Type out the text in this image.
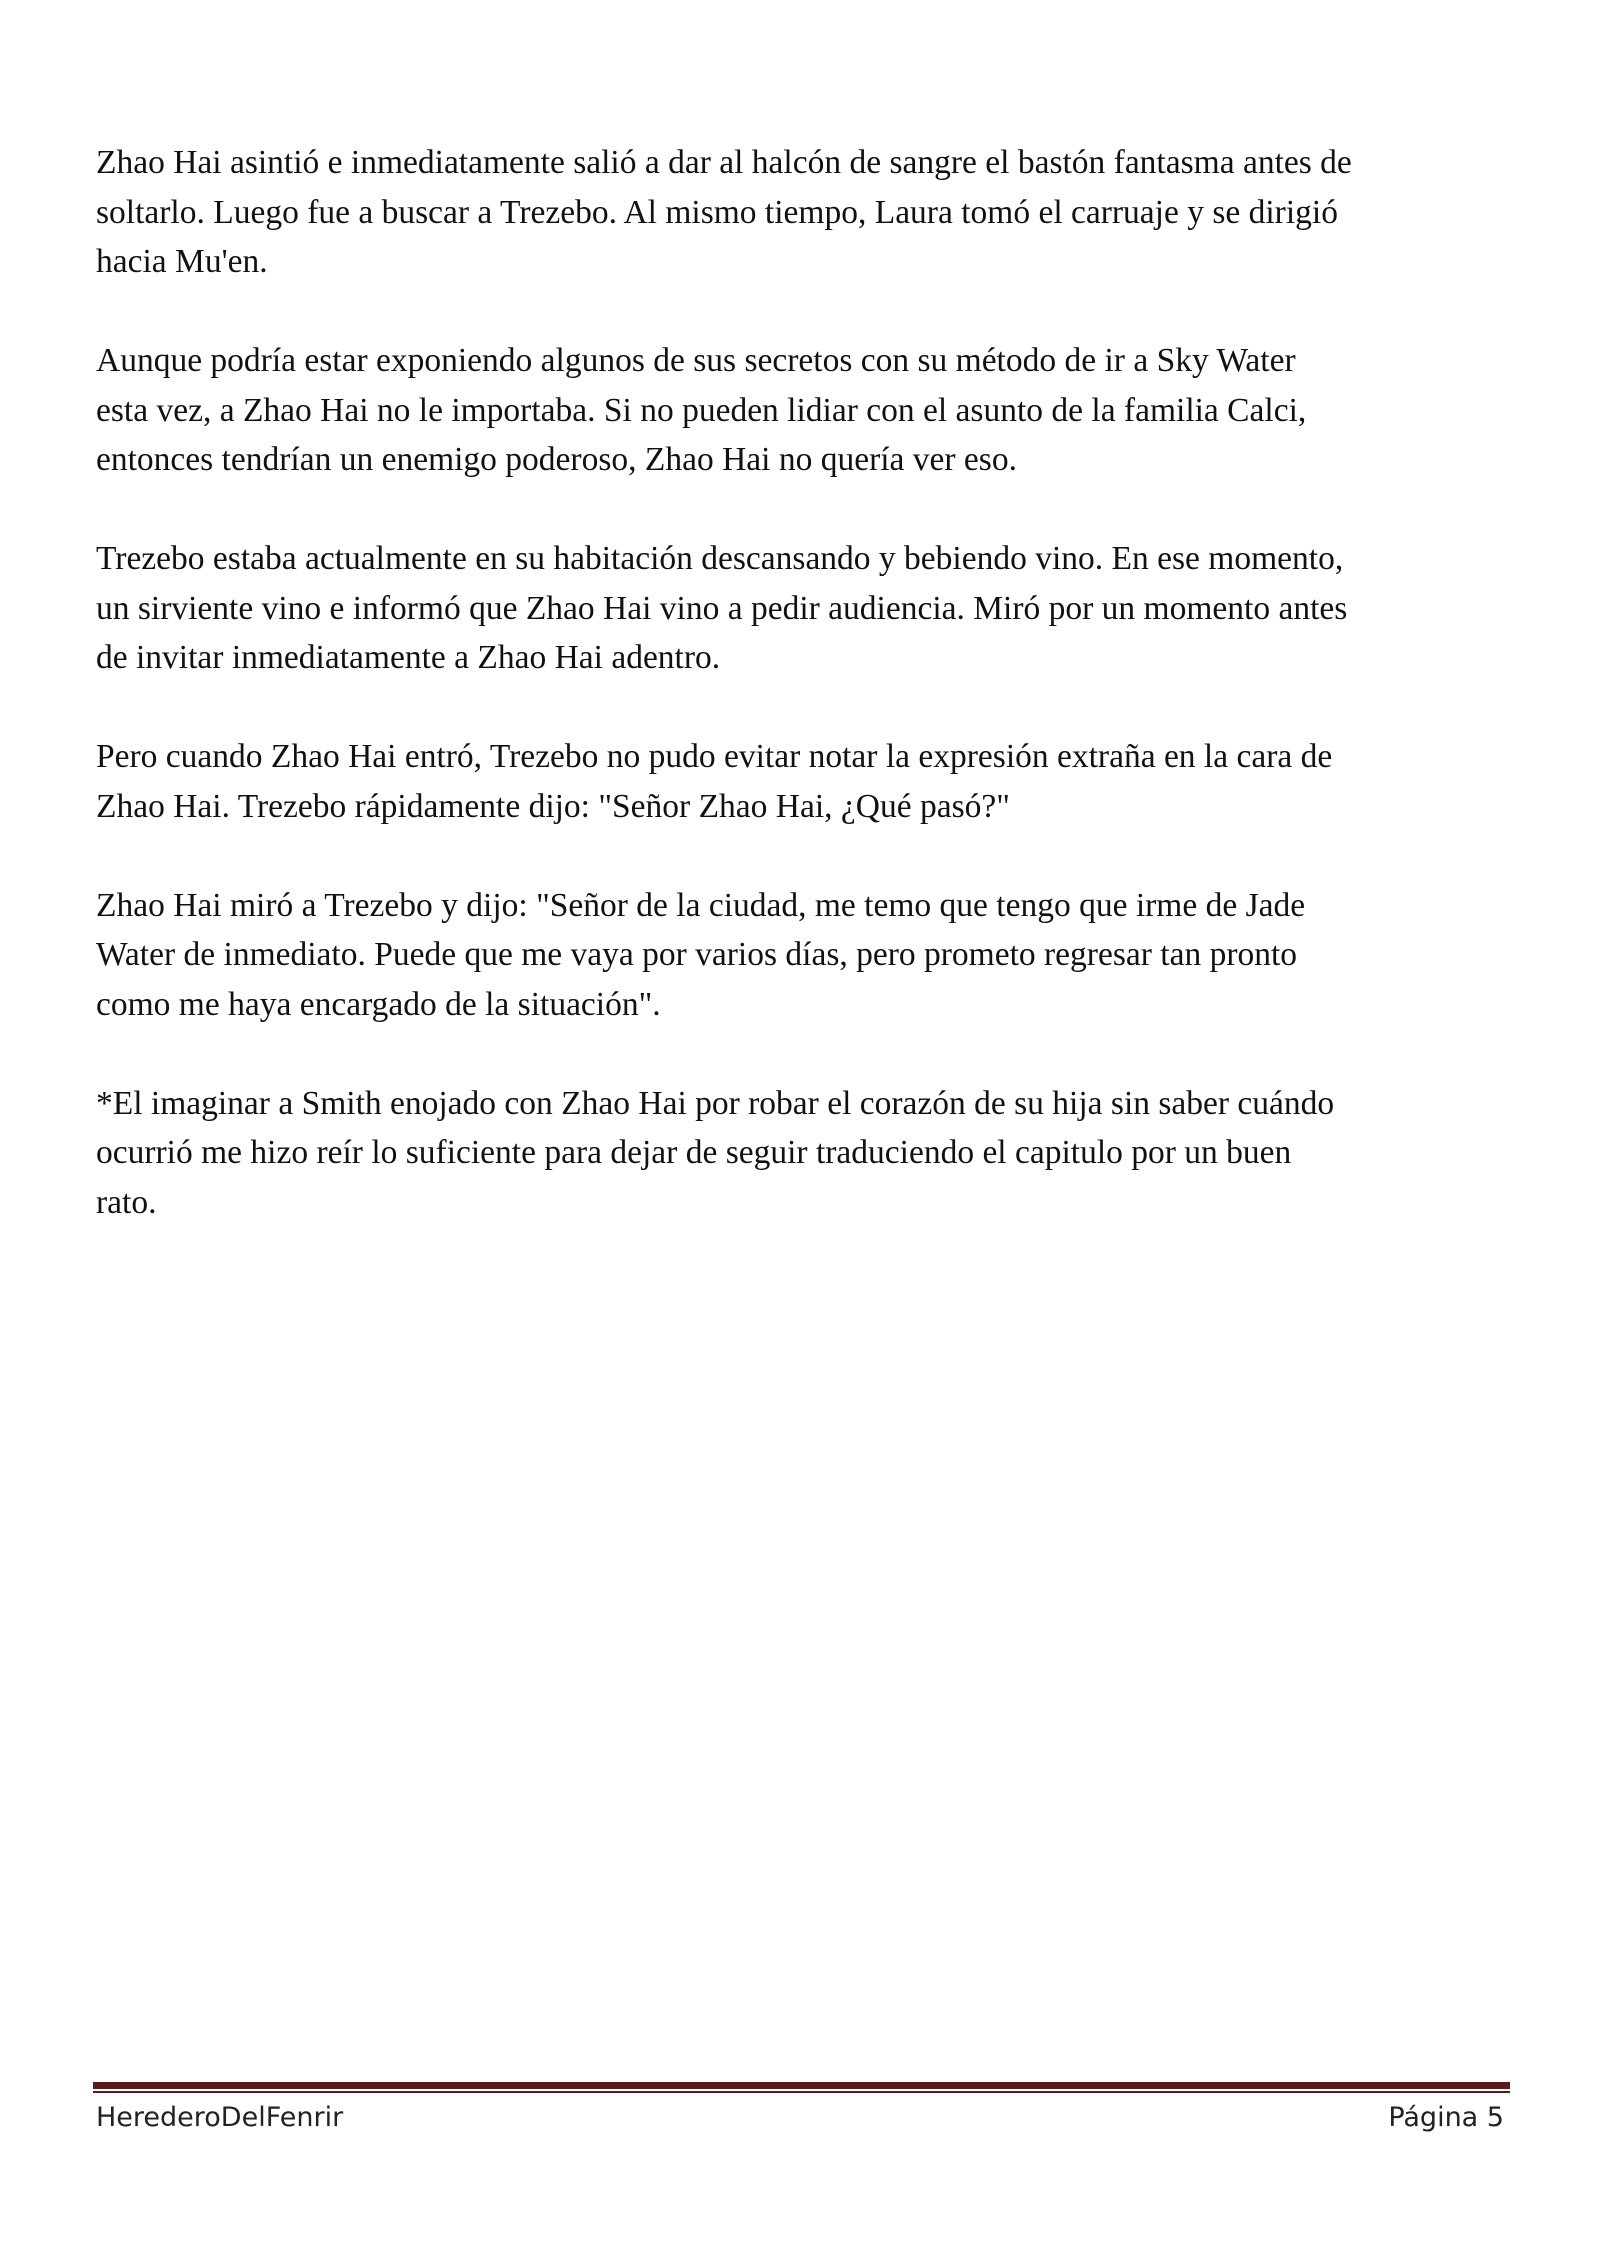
Zhao Hai asintió e inmediatamente salió a dar al halcón de sangre el bastón fantasma antes de
soltarlo. Luego fue a buscar a Trezebo. Al mismo tiempo, Laura tomó el carruaje y se dirigió
hacia Mu'en.

Aunque podría estar exponiendo algunos de sus secretos con su método de ir a Sky Water
esta vez, a Zhao Hai no le importaba. Si no pueden lidiar con el asunto de la familia Calci,
entonces tendrían un enemigo poderoso, Zhao Hai no quería ver eso.

Trezebo estaba actualmente en su habitación descansando y bebiendo vino. En ese momento,
un sirviente vino e informó que Zhao Hai vino a pedir audiencia. Miró por un momento antes
de invitar inmediatamente a Zhao Hai adentro.

Pero cuando Zhao Hai entró, Trezebo no pudo evitar notar la expresión extraña en la cara de
Zhao Hai. Trezebo rápidamente dijo: "Señor Zhao Hai, ¿Qué pasó?"

Zhao Hai miró a Trezebo y dijo: "Señor de la ciudad, me temo que tengo que irme de Jade
Water de inmediato. Puede que me vaya por varios días, pero prometo regresar tan pronto
como me haya encargado de la situación".

*El imaginar a Smith enojado con Zhao Hai por robar el corazón de su hija sin saber cuándo
ocurrió me hizo reír lo suficiente para dejar de seguir traduciendo el capitulo por un buen
rato.

HerederoDelFenrir	Página 5
